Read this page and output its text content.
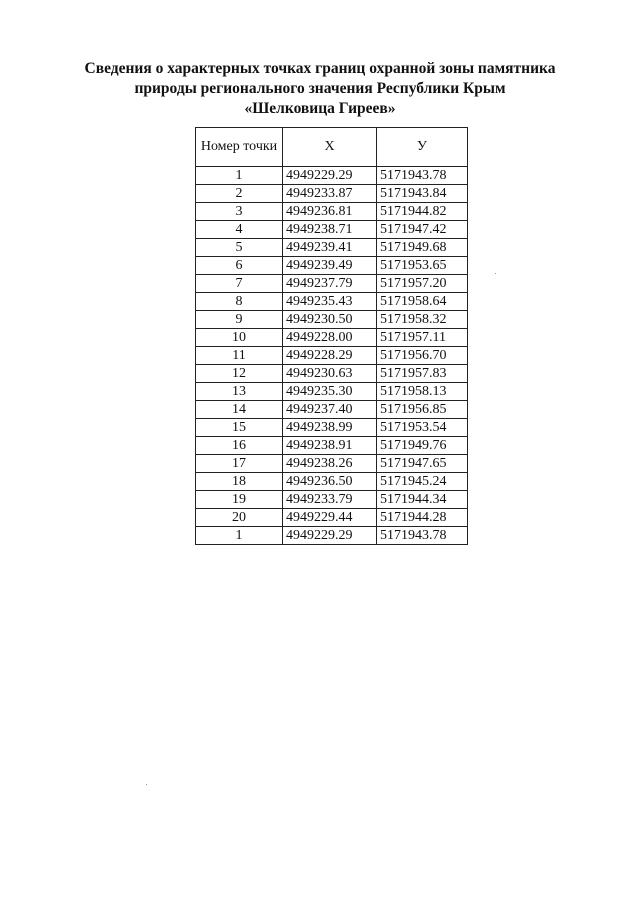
Сведения о характерных точках границ охранной зоны памятника
природы регионального значения Республики Крым
«Шелковица Гиреев»
Номер точки	Х	У
1	4949229.29	5171943.78
2	4949233.87	5171943.84
3	4949236.81	5171944.82
4	4949238.71	5171947.42
5	4949239.41	5171949.68
6	4949239.49	5171953.65
7	4949237.79	5171957.20
8	4949235.43	5171958.64
9	4949230.50	5171958.32
10	4949228.00	5171957.11
11	4949228.29	5171956.70
12	4949230.63	5171957.83
13	4949235.30	5171958.13
14	4949237.40	5171956.85
15	4949238.99	5171953.54
16	4949238.91	5171949.76
17	4949238.26	5171947.65
18	4949236.50	5171945.24
19	4949233.79	5171944.34
20	4949229.44	5171944.28
1	4949229.29	5171943.78
